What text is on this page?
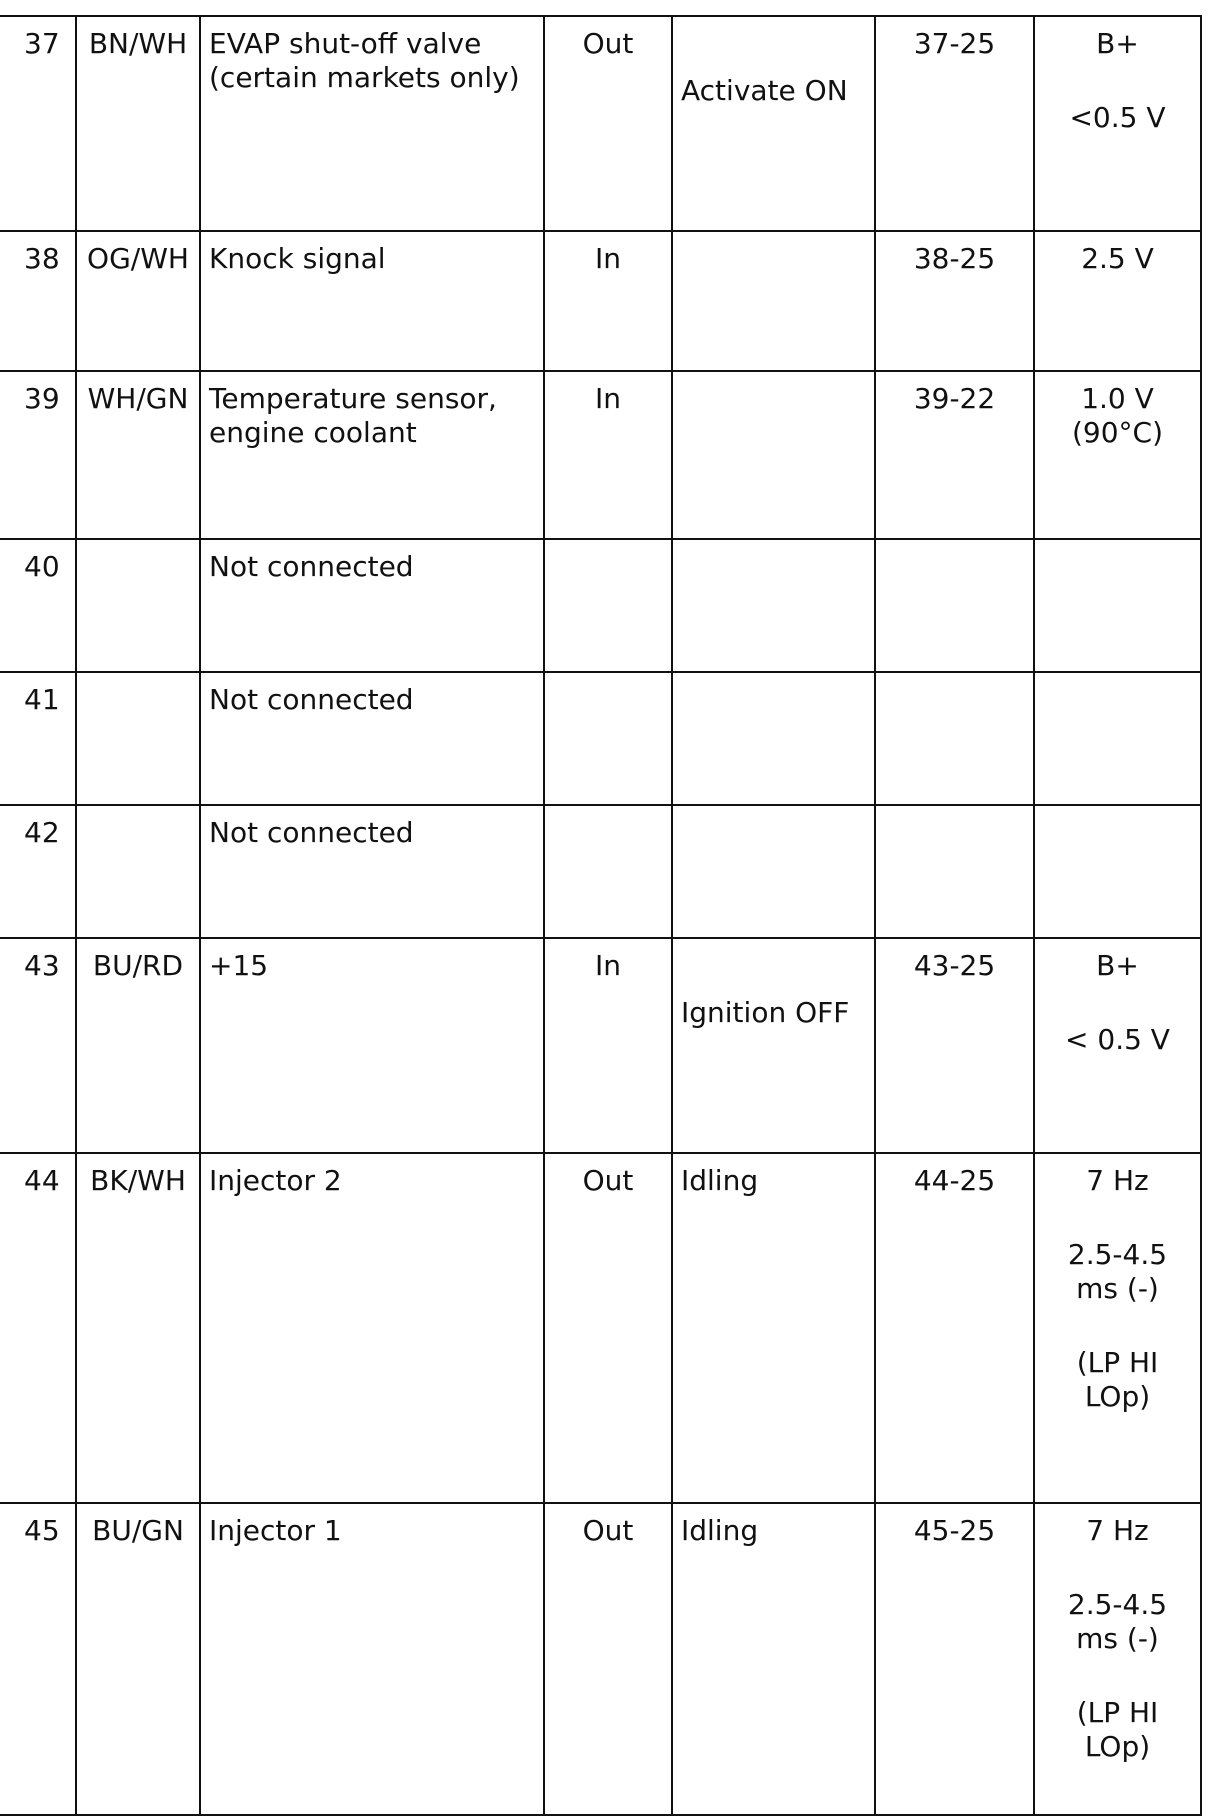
37	BN/WH	EVAP shut-off valve
(certain markets only)	Out	Activate ON	37-25	B+
<0.5 V

38	OG/WH	Knock signal	In		38-25	2.5 V

39	WH/GN	Temperature sensor,
engine coolant	In		39-22	1.0 V
(90°C)

40		Not connected				

41		Not connected				

42		Not connected				

43	BU/RD	+15	In	Ignition OFF	43-25	B+
< 0.5 V

44	BK/WH	Injector 2	Out	Idling	44-25	7 Hz
2.5-4.5
ms (-)
(LP HI
LOp)

45	BU/GN	Injector 1	Out	Idling	45-25	7 Hz
2.5-4.5
ms (-)
(LP HI
LOp)
